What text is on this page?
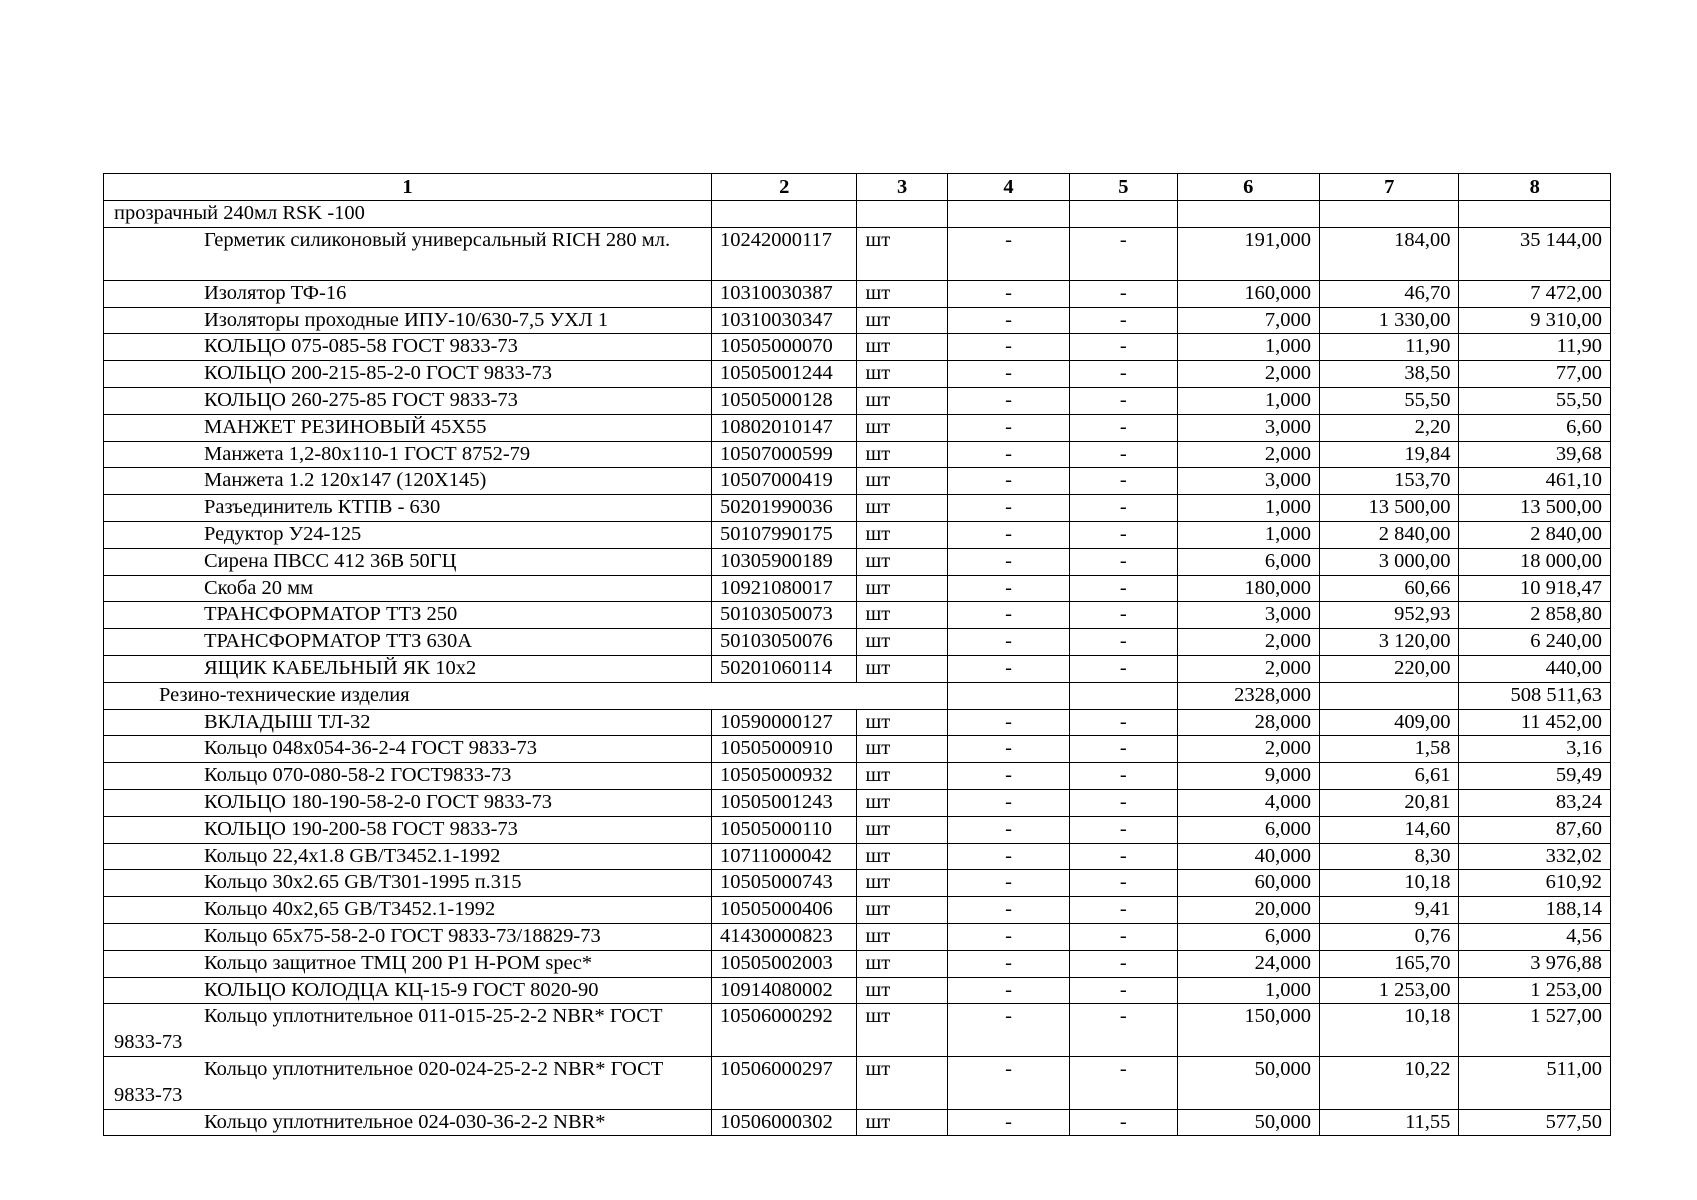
1	2	3	4	5	6	7	8
прозрачный 240мл RSK -100							
Герметик силиконовый универсальный RICH 280 мл.	10242000117	шт	-	-	191,000	184,00	35 144,00
Изолятор ТФ-16	10310030387	шт	-	-	160,000	46,70	7 472,00
Изоляторы проходные ИПУ-10/630-7,5 УХЛ 1	10310030347	шт	-	-	7,000	1 330,00	9 310,00
КОЛЬЦО 075-085-58 ГОСТ 9833-73	10505000070	шт	-	-	1,000	11,90	11,90
КОЛЬЦО 200-215-85-2-0 ГОСТ 9833-73	10505001244	шт	-	-	2,000	38,50	77,00
КОЛЬЦО 260-275-85 ГОСТ 9833-73	10505000128	шт	-	-	1,000	55,50	55,50
МАНЖЕТ РЕЗИНОВЫЙ 45Х55	10802010147	шт	-	-	3,000	2,20	6,60
Манжета 1,2-80х110-1 ГОСТ 8752-79	10507000599	шт	-	-	2,000	19,84	39,68
Манжета 1.2 120х147 (120Х145)	10507000419	шт	-	-	3,000	153,70	461,10
Разъединитель КТПВ - 630	50201990036	шт	-	-	1,000	13 500,00	13 500,00
Редуктор У24-125	50107990175	шт	-	-	1,000	2 840,00	2 840,00
Сирена ПВСС 412 36В 50ГЦ	10305900189	шт	-	-	6,000	3 000,00	18 000,00
Скоба 20 мм	10921080017	шт	-	-	180,000	60,66	10 918,47
ТРАНСФОРМАТОР ТТЗ 250	50103050073	шт	-	-	3,000	952,93	2 858,80
ТРАНСФОРМАТОР ТТЗ 630А	50103050076	шт	-	-	2,000	3 120,00	6 240,00
ЯЩИК КАБЕЛЬНЫЙ ЯК 10х2	50201060114	шт	-	-	2,000	220,00	440,00
Резино-технические изделия					2328,000		508 511,63
ВКЛАДЫШ ТЛ-32	10590000127	шт	-	-	28,000	409,00	11 452,00
Кольцо 048х054-36-2-4 ГОСТ 9833-73	10505000910	шт	-	-	2,000	1,58	3,16
Кольцо 070-080-58-2 ГОСТ9833-73	10505000932	шт	-	-	9,000	6,61	59,49
КОЛЬЦО 180-190-58-2-0 ГОСТ 9833-73	10505001243	шт	-	-	4,000	20,81	83,24
КОЛЬЦО 190-200-58 ГОСТ 9833-73	10505000110	шт	-	-	6,000	14,60	87,60
Кольцо 22,4х1.8 GB/T3452.1-1992	10711000042	шт	-	-	40,000	8,30	332,02
Кольцо 30х2.65 GB/T301-1995 п.315	10505000743	шт	-	-	60,000	10,18	610,92
Кольцо 40х2,65 GB/T3452.1-1992	10505000406	шт	-	-	20,000	9,41	188,14
Кольцо 65х75-58-2-0 ГОСТ 9833-73/18829-73	41430000823	шт	-	-	6,000	0,76	4,56
Кольцо защитное ТМЦ 200 P1 H-POM spec*	10505002003	шт	-	-	24,000	165,70	3 976,88
КОЛЬЦО КОЛОДЦА КЦ-15-9 ГОСТ 8020-90	10914080002	шт	-	-	1,000	1 253,00	1 253,00
Кольцо уплотнительное 011-015-25-2-2 NBR* ГОСТ 9833-73	10506000292	шт	-	-	150,000	10,18	1 527,00
Кольцо уплотнительное 020-024-25-2-2 NBR* ГОСТ 9833-73	10506000297	шт	-	-	50,000	10,22	511,00
Кольцо уплотнительное 024-030-36-2-2 NBR*	10506000302	шт	-	-	50,000	11,55	577,50
